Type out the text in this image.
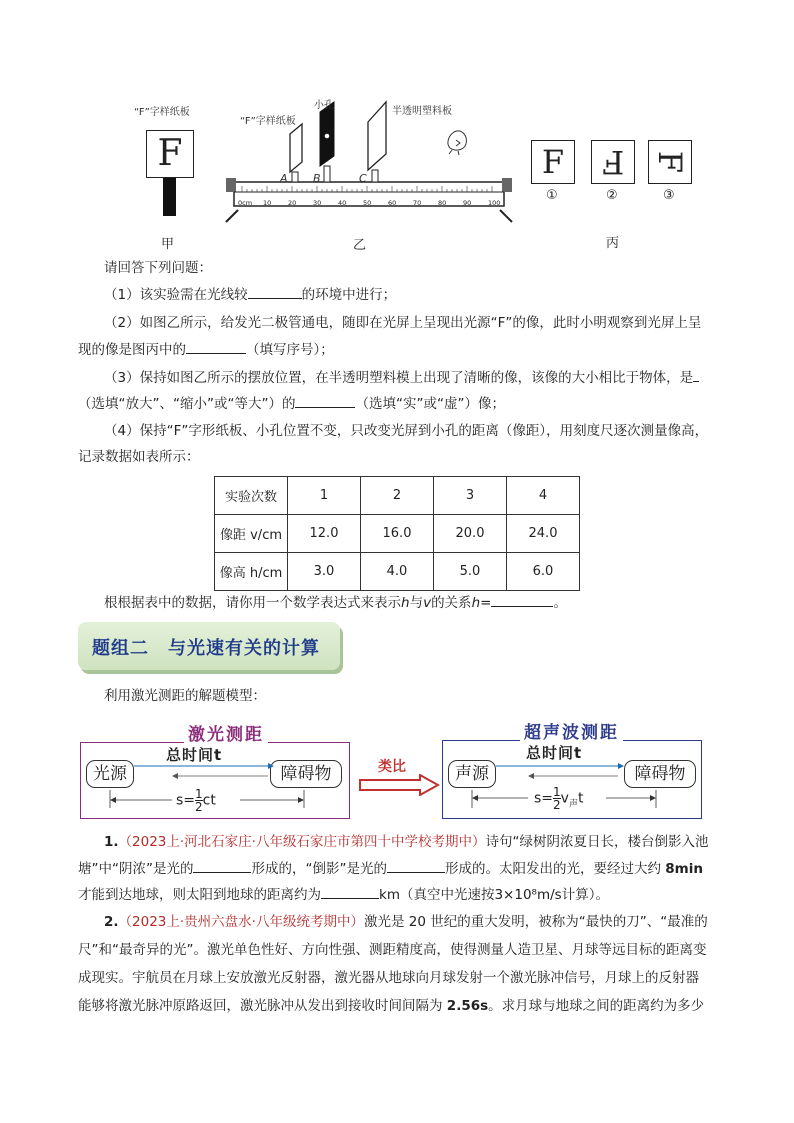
“F”字样纸板
F
甲
“F”字样纸板
小孔
半透明塑料板
A B	C
0cm 10	20	30	40	50	60	70	80	90	100
乙
F	F F
①	②	③
丙
请回答下列问题：
（1）该实验需在光线较	的环境中进行；
（2）如图乙所示，给发光二极管通电，随即在光屏上呈现出光源“F”的像，此时小明观察到光屏上呈
现的像是图丙中的	（填写序号）；
（3）保持如图乙所示的摆放位置，在半透明塑料模上出现了清晰的像，该像的大小相比于物体，是
（选填“放大”、“缩小”或“等大”）的	（选填“实”或“虚”）像；
（4）保持“F”字形纸板、小孔位置不变，只改变光屏到小孔的距离（像距），用刻度尺逐次测量像高，
记录数据如表所示：
实验次数	1	2	3	4
像距 v/cm	12.0	16.0	20.0	24.0
像高 h/cm	3.0	4.0	5.0	6.0
根根据表中的数据，请你用一个数学表达式来表示h与v的关系h=	。
题组二　与光速有关的计算
利用激光测距的解题模型：
激光测距
光源	障碍物
总时间t
$s= \frac{1}{2}$ ct
类比
超声波测距
声源	障碍物
总时间t
$s= \frac{1}{2} v_声t$
1.（2023上·河北石家庄·八年级石家庄市第四十中学校考期中）诗句“绿树阴浓夏日长，楼台倒影入池
塘”中“阴浓”是光的	形成的，“倒影”是光的	形成的。太阳发出的光，要经过大约 8min
才能到达地球，则太阳到地球的距离约为	km（真空中光速按3×10⁸m/s计算）。
2.（2023上·贵州六盘水·八年级统考期中）激光是 20 世纪的重大发明，被称为“最快的刀”、“最准的
尺”和“最奇异的光”。激光单色性好、方向性强、测距精度高，使得测量人造卫星、月球等远目标的距离变
成现实。宇航员在月球上安放激光反射器，激光器从地球向月球发射一个激光脉冲信号，月球上的反射器
能够将激光脉冲原路返回，激光脉冲从发出到接收时间间隔为 2.56s。求月球与地球之间的距离约为多少
